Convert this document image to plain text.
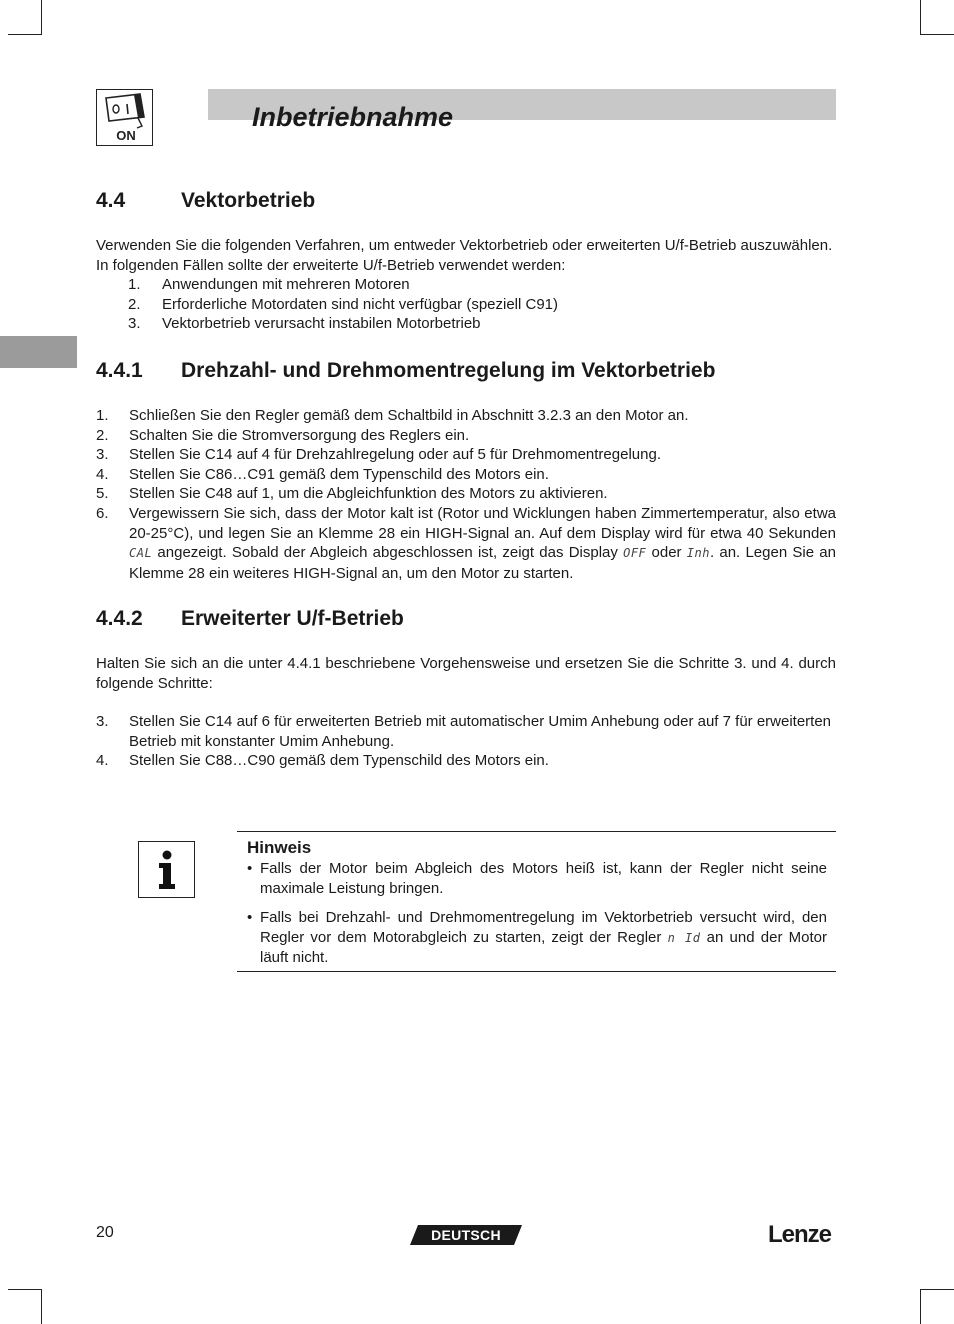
ON
Inbetriebnahme
4.4	Vektorbetrieb

Verwenden Sie die folgenden Verfahren, um entweder Vektorbetrieb oder erweiterten U/f-Betrieb auszuwählen. In folgenden Fällen sollte der erweiterte U/f-Betrieb verwendet werden:

1. Anwendungen mit mehreren Motoren
2. Erforderliche Motordaten sind nicht verfügbar (speziell C91)
3. Vektorbetrieb verursacht instabilen Motorbetrieb
4.4.1 Drehzahl- und Drehmomentregelung im Vektorbetrieb
1. Schließen Sie den Regler gemäß dem Schaltbild in Abschnitt 3.2.3 an den Motor an.
2. Schalten Sie die Stromversorgung des Reglers ein.
3. Stellen Sie C14 auf 4 für Drehzahlregelung oder auf 5 für Drehmomentregelung.
4. Stellen Sie C86…C91 gemäß dem Typenschild des Motors ein.
5. Stellen Sie C48 auf 1, um die Abgleichfunktion des Motors zu aktivieren.
6. Vergewissern Sie sich, dass der Motor kalt ist (Rotor und Wicklungen haben Zimmertemperatur, also etwa 20-25°C), und legen Sie an Klemme 28 ein HIGH-Signal an. Auf dem Display wird für etwa 40 Sekunden CAL angezeigt. Sobald der Abgleich abgeschlossen ist, zeigt das Display OFF oder Inh. an. Legen Sie an Klemme 28 ein weiteres HIGH-Signal an, um den Motor zu starten.
4.4.2 Erweiterter U/f-Betrieb

Halten Sie sich an die unter 4.4.1 beschriebene Vorgehensweise und ersetzen Sie die Schritte 3. und 4. durch folgende Schritte:

3. Stellen Sie C14 auf 6 für erweiterten Betrieb mit automatischer Umim Anhebung oder auf 7 für erweiterten Betrieb mit konstanter Umim Anhebung.
4. Stellen Sie C88…C90 gemäß dem Typenschild des Motors ein.
Hinweis
• Falls der Motor beim Abgleich des Motors heiß ist, kann der Regler nicht seine maximale Leistung bringen.
• Falls bei Drehzahl- und Drehmomentregelung im Vektorbetrieb versucht wird, den Regler vor dem Motorabgleich zu starten, zeigt der Regler n Id an und der Motor läuft nicht.
20	DEUTSCH	Lenze
